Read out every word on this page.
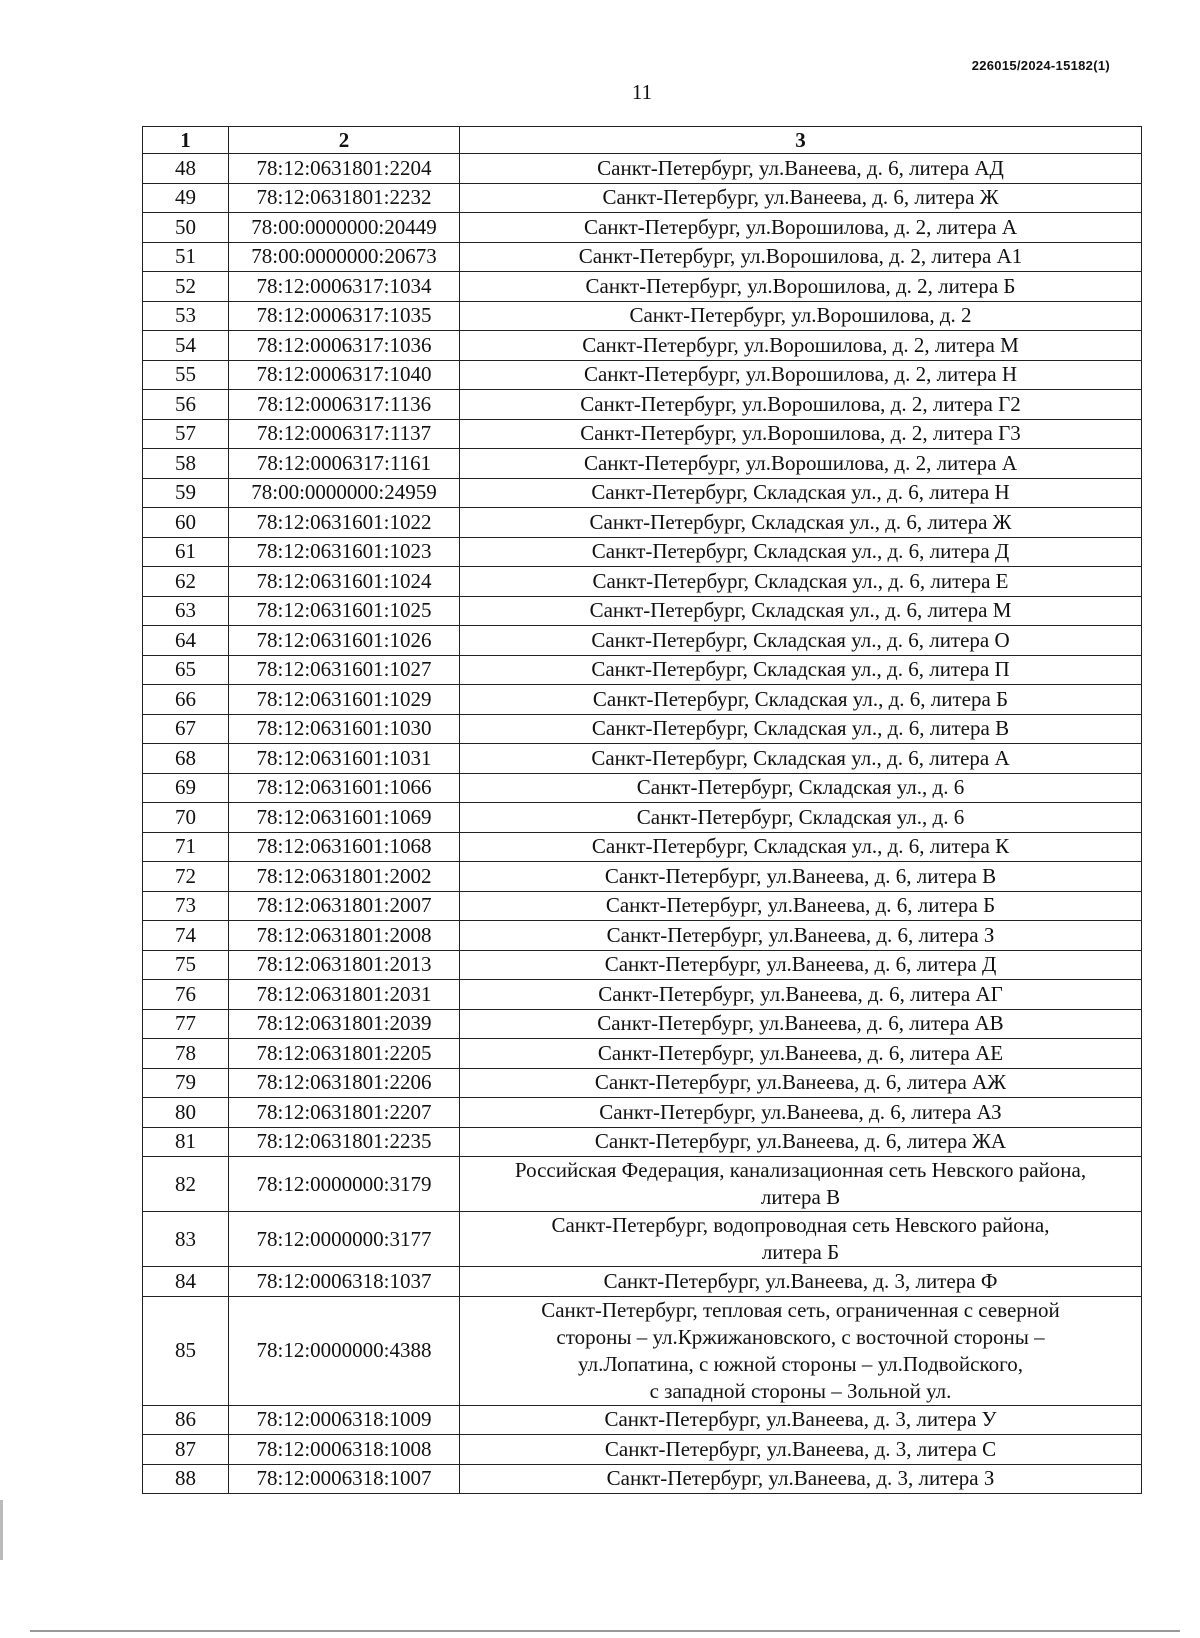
226015/2024-15182(1)
11
1	2	3
48	78:12:0631801:2204	Санкт-Петербург, ул.Ванеева, д. 6, литера АД
49	78:12:0631801:2232	Санкт-Петербург, ул.Ванеева, д. 6, литера Ж
50	78:00:0000000:20449	Санкт-Петербург, ул.Ворошилова, д. 2, литера А
51	78:00:0000000:20673	Санкт-Петербург, ул.Ворошилова, д. 2, литера А1
52	78:12:0006317:1034	Санкт-Петербург, ул.Ворошилова, д. 2, литера Б
53	78:12:0006317:1035	Санкт-Петербург, ул.Ворошилова, д. 2
54	78:12:0006317:1036	Санкт-Петербург, ул.Ворошилова, д. 2, литера М
55	78:12:0006317:1040	Санкт-Петербург, ул.Ворошилова, д. 2, литера Н
56	78:12:0006317:1136	Санкт-Петербург, ул.Ворошилова, д. 2, литера Г2
57	78:12:0006317:1137	Санкт-Петербург, ул.Ворошилова, д. 2, литера Г3
58	78:12:0006317:1161	Санкт-Петербург, ул.Ворошилова, д. 2, литера А
59	78:00:0000000:24959	Санкт-Петербург, Складская ул., д. 6, литера Н
60	78:12:0631601:1022	Санкт-Петербург, Складская ул., д. 6, литера Ж
61	78:12:0631601:1023	Санкт-Петербург, Складская ул., д. 6, литера Д
62	78:12:0631601:1024	Санкт-Петербург, Складская ул., д. 6, литера Е
63	78:12:0631601:1025	Санкт-Петербург, Складская ул., д. 6, литера М
64	78:12:0631601:1026	Санкт-Петербург, Складская ул., д. 6, литера О
65	78:12:0631601:1027	Санкт-Петербург, Складская ул., д. 6, литера П
66	78:12:0631601:1029	Санкт-Петербург, Складская ул., д. 6, литера Б
67	78:12:0631601:1030	Санкт-Петербург, Складская ул., д. 6, литера В
68	78:12:0631601:1031	Санкт-Петербург, Складская ул., д. 6, литера А
69	78:12:0631601:1066	Санкт-Петербург, Складская ул., д. 6
70	78:12:0631601:1069	Санкт-Петербург, Складская ул., д. 6
71	78:12:0631601:1068	Санкт-Петербург, Складская ул., д. 6, литера К
72	78:12:0631801:2002	Санкт-Петербург, ул.Ванеева, д. 6, литера В
73	78:12:0631801:2007	Санкт-Петербург, ул.Ванеева, д. 6, литера Б
74	78:12:0631801:2008	Санкт-Петербург, ул.Ванеева, д. 6, литера З
75	78:12:0631801:2013	Санкт-Петербург, ул.Ванеева, д. 6, литера Д
76	78:12:0631801:2031	Санкт-Петербург, ул.Ванеева, д. 6, литера АГ
77	78:12:0631801:2039	Санкт-Петербург, ул.Ванеева, д. 6, литера АВ
78	78:12:0631801:2205	Санкт-Петербург, ул.Ванеева, д. 6, литера АЕ
79	78:12:0631801:2206	Санкт-Петербург, ул.Ванеева, д. 6, литера АЖ
80	78:12:0631801:2207	Санкт-Петербург, ул.Ванеева, д. 6, литера АЗ
81	78:12:0631801:2235	Санкт-Петербург, ул.Ванеева, д. 6, литера ЖА
82	78:12:0000000:3179	Российская Федерация, канализационная сеть Невского района,
литера В
83	78:12:0000000:3177	Санкт-Петербург, водопроводная сеть Невского района,
литера Б
84	78:12:0006318:1037	Санкт-Петербург, ул.Ванеева, д. 3, литера Ф
85	78:12:0000000:4388	Санкт-Петербург, тепловая сеть, ограниченная с северной
стороны – ул.Кржижановского, с восточной стороны –
ул.Лопатина, с южной стороны – ул.Подвойского,
с западной стороны – Зольной ул.
86	78:12:0006318:1009	Санкт-Петербург, ул.Ванеева, д. 3, литера У
87	78:12:0006318:1008	Санкт-Петербург, ул.Ванеева, д. 3, литера С
88	78:12:0006318:1007	Санкт-Петербург, ул.Ванеева, д. 3, литера З
